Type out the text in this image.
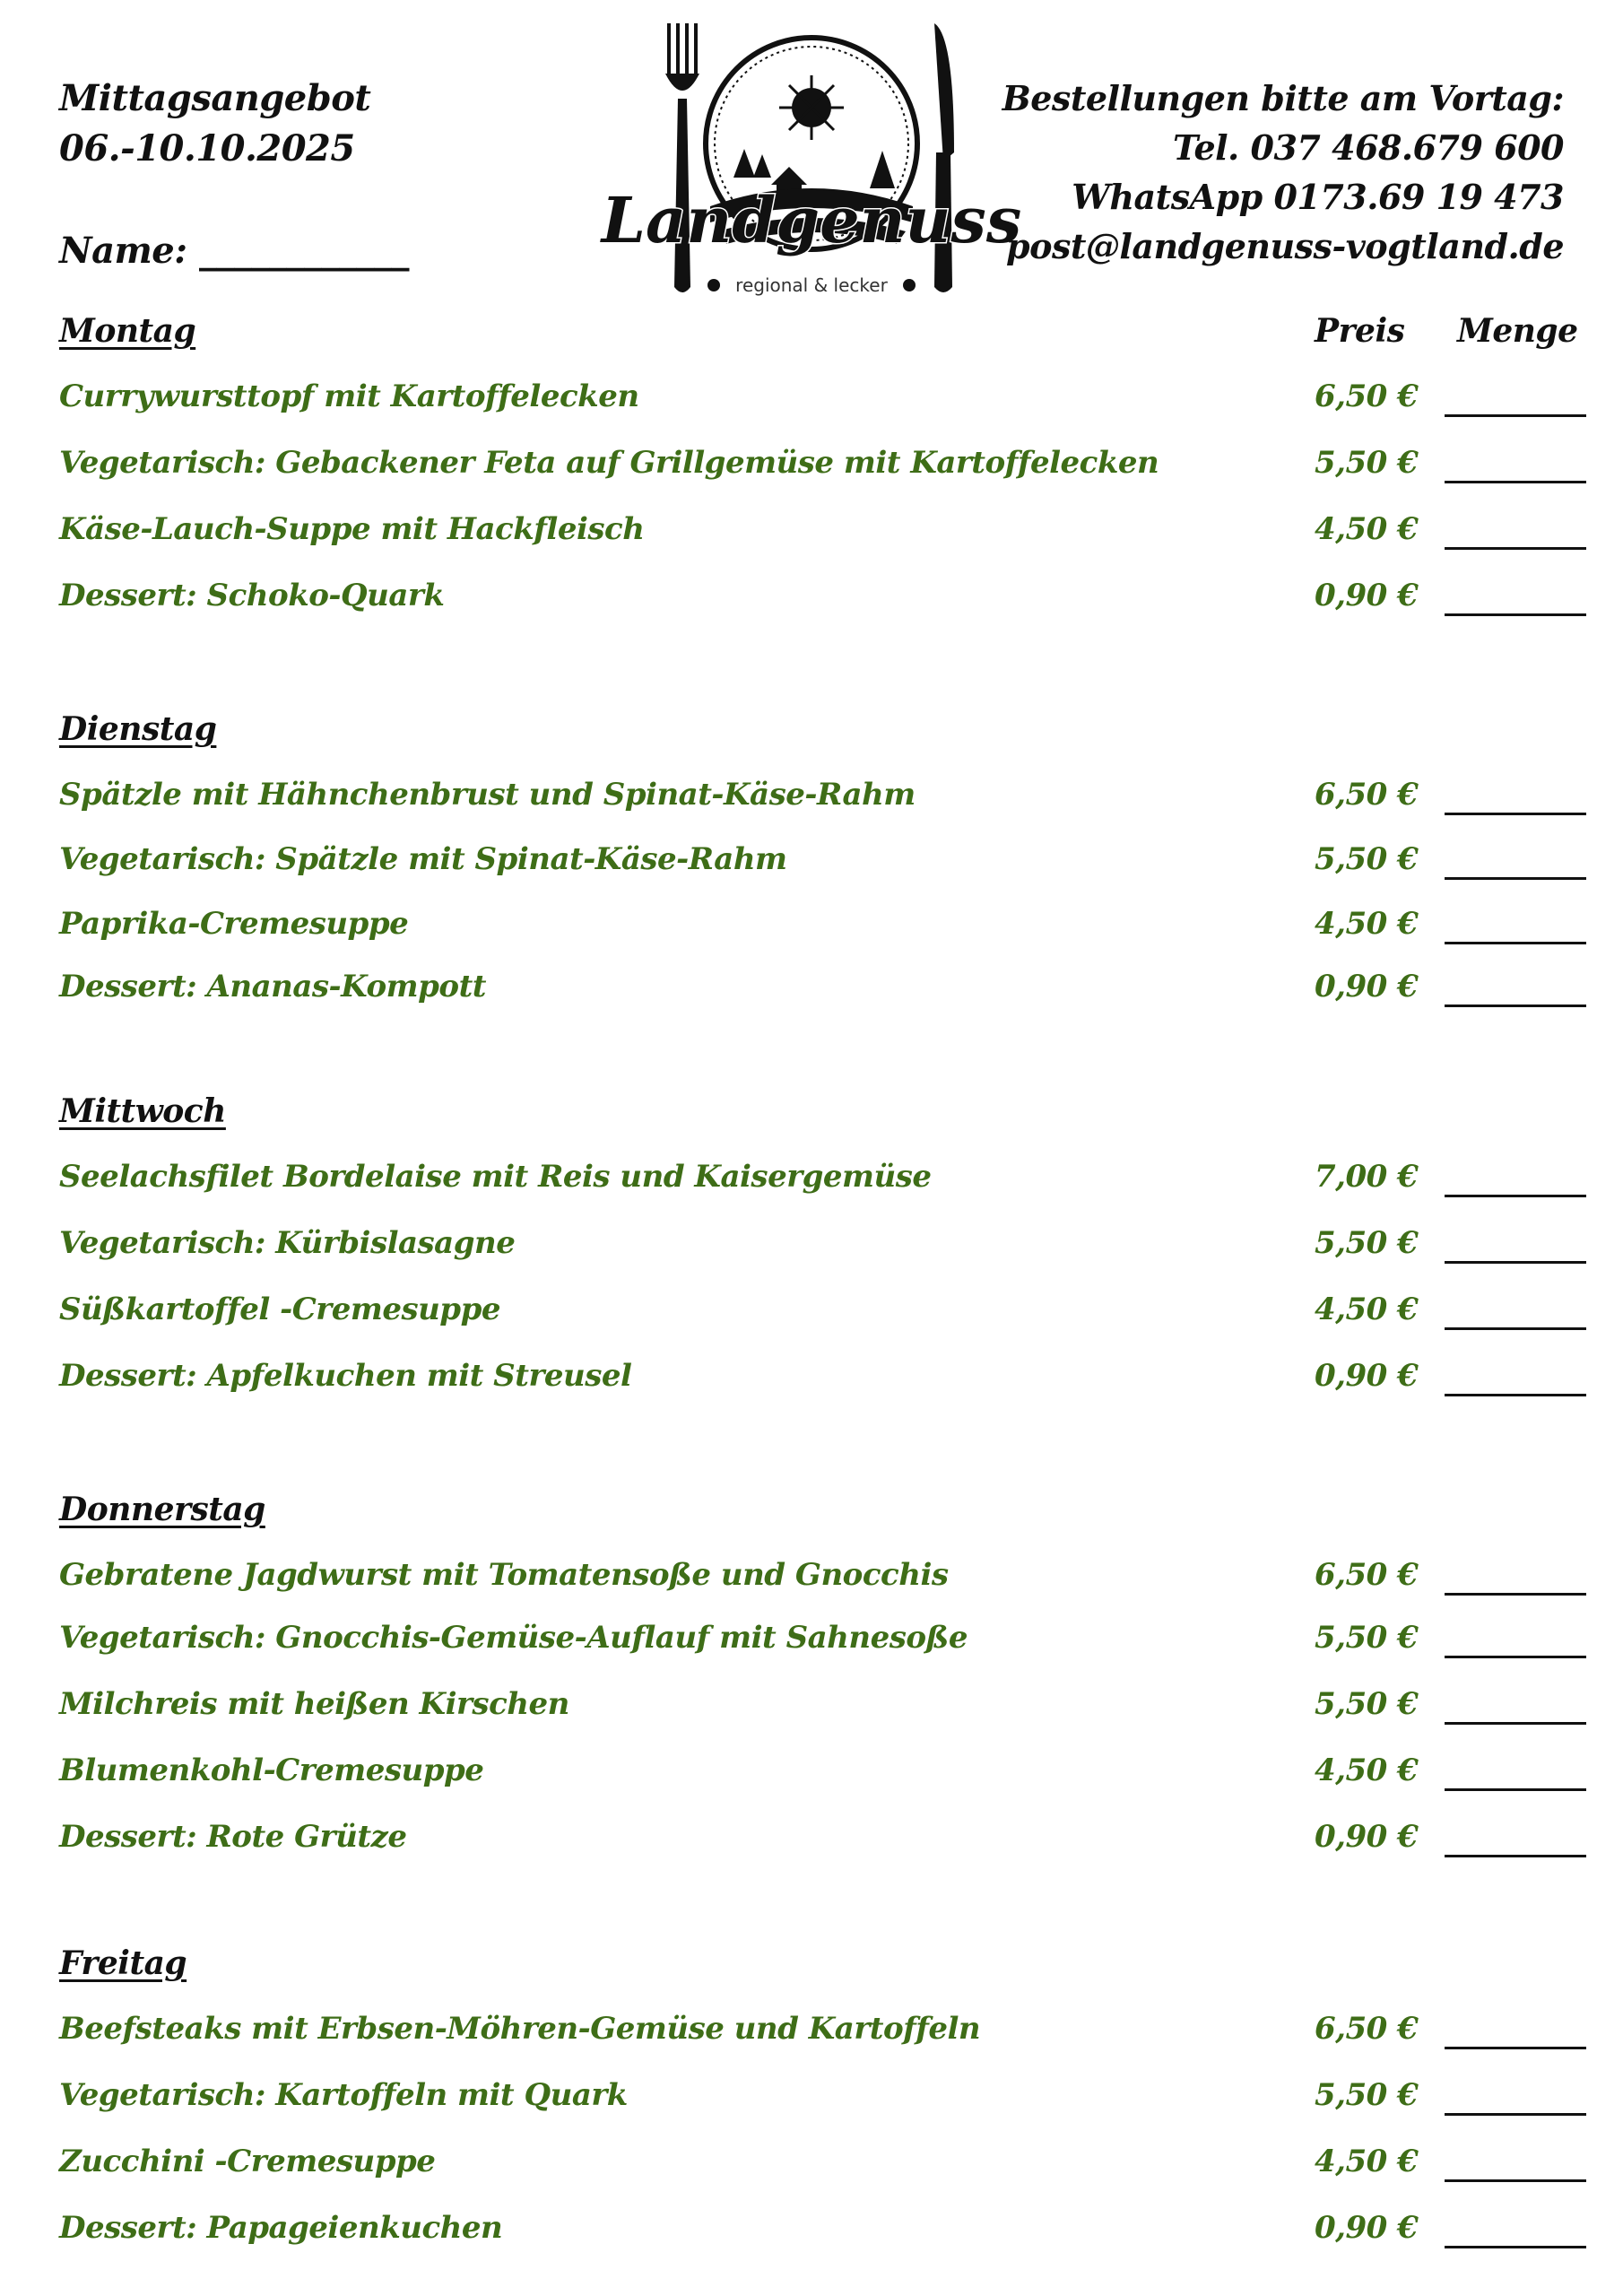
Mittagsangebot
06.-10.10.2025
Name: ____________	Landgenuss
regional & lecker
Bestellungen bitte am Vortag:
Tel. 037 468.679 600
WhatsApp 0173.69 19 473
post@landgenuss-vogtland.de
Preis Menge
Montag
Currywursttopf mit Kartoffelecken	6,50 €
Vegetarisch: Gebackener Feta auf Grillgemüse mit Kartoffelecken	5,50 €
Käse-Lauch-Suppe mit Hackfleisch	4,50 €
Dessert: Schoko-Quark	0,90 €
Dienstag
Spätzle mit Hähnchenbrust und Spinat-Käse-Rahm	6,50 €
Vegetarisch: Spätzle mit Spinat-Käse-Rahm	5,50 €
Paprika-Cremesuppe	4,50 €
Dessert: Ananas-Kompott	0,90 €
Mittwoch
Seelachsfilet Bordelaise mit Reis und Kaisergemüse	7,00 €
Vegetarisch: Kürbislasagne	5,50 €
Süßkartoffel -Cremesuppe	4,50 €
Dessert: Apfelkuchen mit Streusel	0,90 €
Donnerstag
Gebratene Jagdwurst mit Tomatensoße und Gnocchis	6,50 €
Vegetarisch: Gnocchis-Gemüse-Auflauf mit Sahnesoße	5,50 €
Milchreis mit heißen Kirschen	5,50 €
Blumenkohl-Cremesuppe	4,50 €
Dessert: Rote Grütze	0,90 €
Freitag
Beefsteaks mit Erbsen-Möhren-Gemüse und Kartoffeln	6,50 €
Vegetarisch: Kartoffeln mit Quark	5,50 €
Zucchini -Cremesuppe	4,50 €
Dessert: Papageienkuchen	0,90 €
